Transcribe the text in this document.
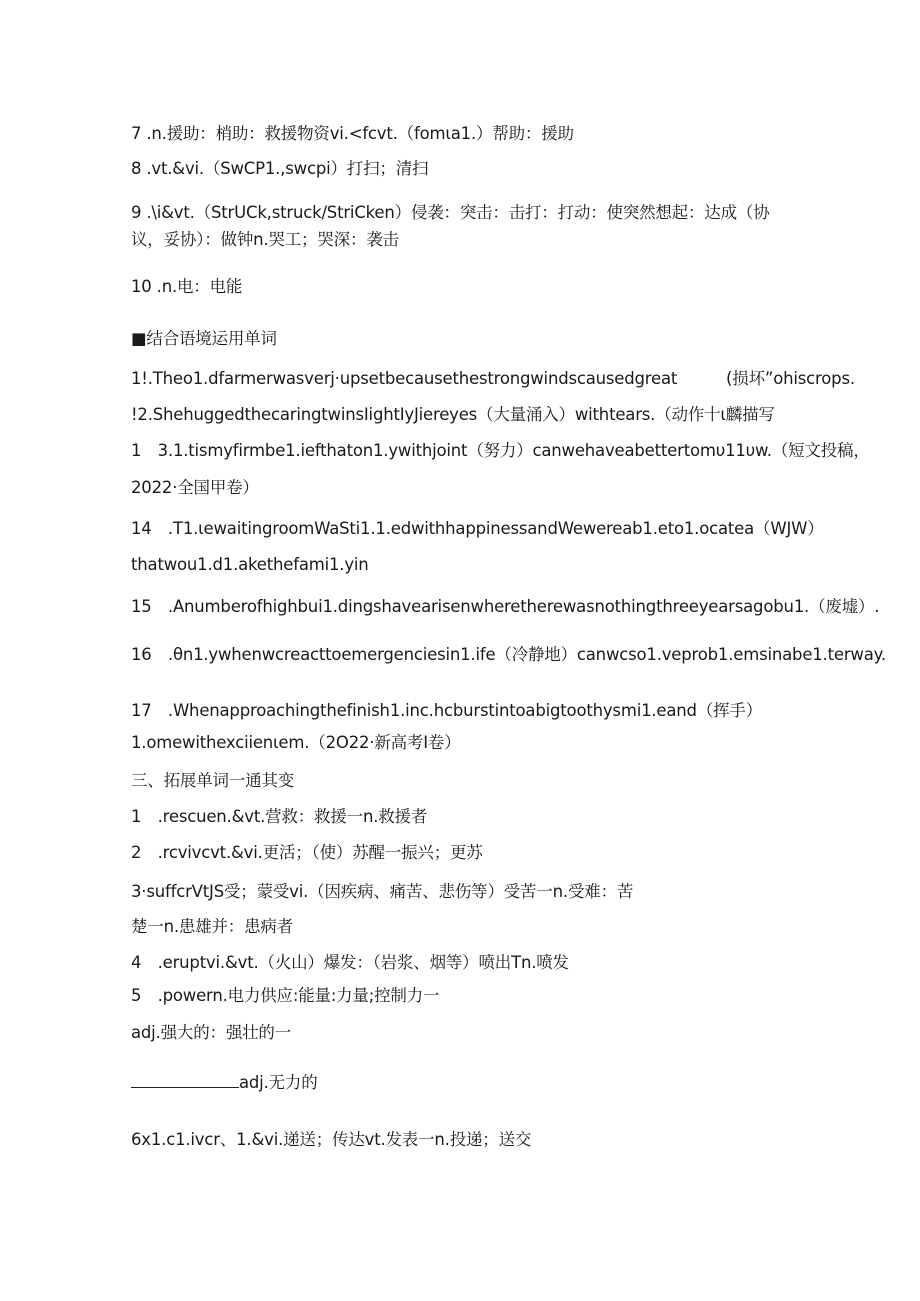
7 .n.援助：梢助：救援物资vi.<fcvt.（fomιa1.）帮助：援助
8 .vt.&vi.（SwCP1.,swcpi）打扫；清扫
9 .\i&vt.（StrUCk,struck/StriCken）侵袭：突击：击打：打动：使突然想起：达成（协
议，妥协）：做钟n.哭工；哭深：袭击
10 .n.电：电能
■结合语境运用单词
1!.Theo1.dfarmerwasverj·upsetbecausethestrongwindscausedgreat　　　(损坏”ohiscrops.
!2.ShehuggedthecaringtwinsIightIyJiereyes（大量涌入）withtears.（动作十ι麟描写
1　3.1.tismyfirmbe1.iefthaton1.ywithjoint（努力）canwehaveabettertomυ11υw.（短文投稿，
2022·全国甲卷）
14　.T1.ιewaitingroomWaSti1.1.edwithhappinessandWewereab1.eto1.ocatea（WJW）
thatwou1.d1.akethefami1.yin
15　.Anumberofhighbui1.dingshavearisenwheretherewasnothingthreeyearsagobu1.（废墟）.
16　.θn1.ywhenwcreacttoemergenciesin1.ife（冷静地）canwcso1.veprob1.emsinabe1.terway.
17　.Whenapproachingthefinish1.inc.hcburstintoabigtoothysmi1.eand（挥手）
1.omewithexciienιem.（2O22·新高考I卷）
三、拓展单词一通其变
1　.rescuen.&vt.营救：救援一n.救援者
2　.rcvivcvt.&vi.更活；（使）苏醒一振兴；更苏
3·suffcrVtJS受；蒙受vi.（因疾病、痛苦、悲伤等）受苦一n.受难：苦
楚一n.患雄并：患病者
4　.eruptvi.&vt.（火山）爆发：（岩浆、烟等）喷出Tn.喷发
5　.powern.电力供应:能量:力量;控制力一
adj.强大的：强壮的一
adj.无力的
6x1.c1.ivcr、1.&vi.递送；传达vt.发表一n.投递；送交
